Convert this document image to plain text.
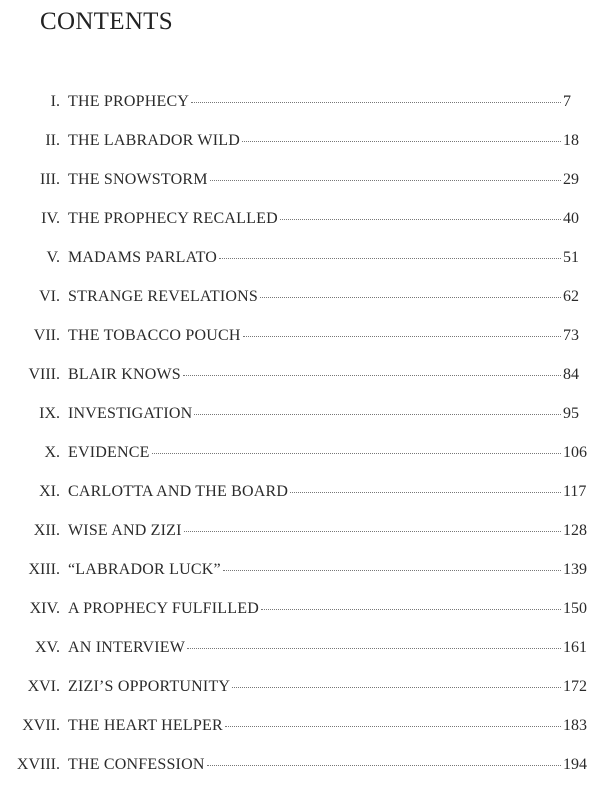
CONTENTS
I. THE PROPHECY	7
II. THE LABRADOR WILD	18
III. THE SNOWSTORM	29
IV. THE PROPHECY RECALLED	40
V. MADAMS PARLATO	51
VI. STRANGE REVELATIONS	62
VII. THE TOBACCO POUCH	73
VIII. BLAIR KNOWS	84
IX. INVESTIGATION	95
X. EVIDENCE	106
XI. CARLOTTA AND THE BOARD	117
XII. WISE AND ZIZI	128
XIII. “LABRADOR LUCK”	139
XIV. A PROPHECY FULFILLED	150
XV. AN INTERVIEW	161
XVI. ZIZI’S OPPORTUNITY	172
XVII. THE HEART HELPER	183
XVIII. THE CONFESSION	194
